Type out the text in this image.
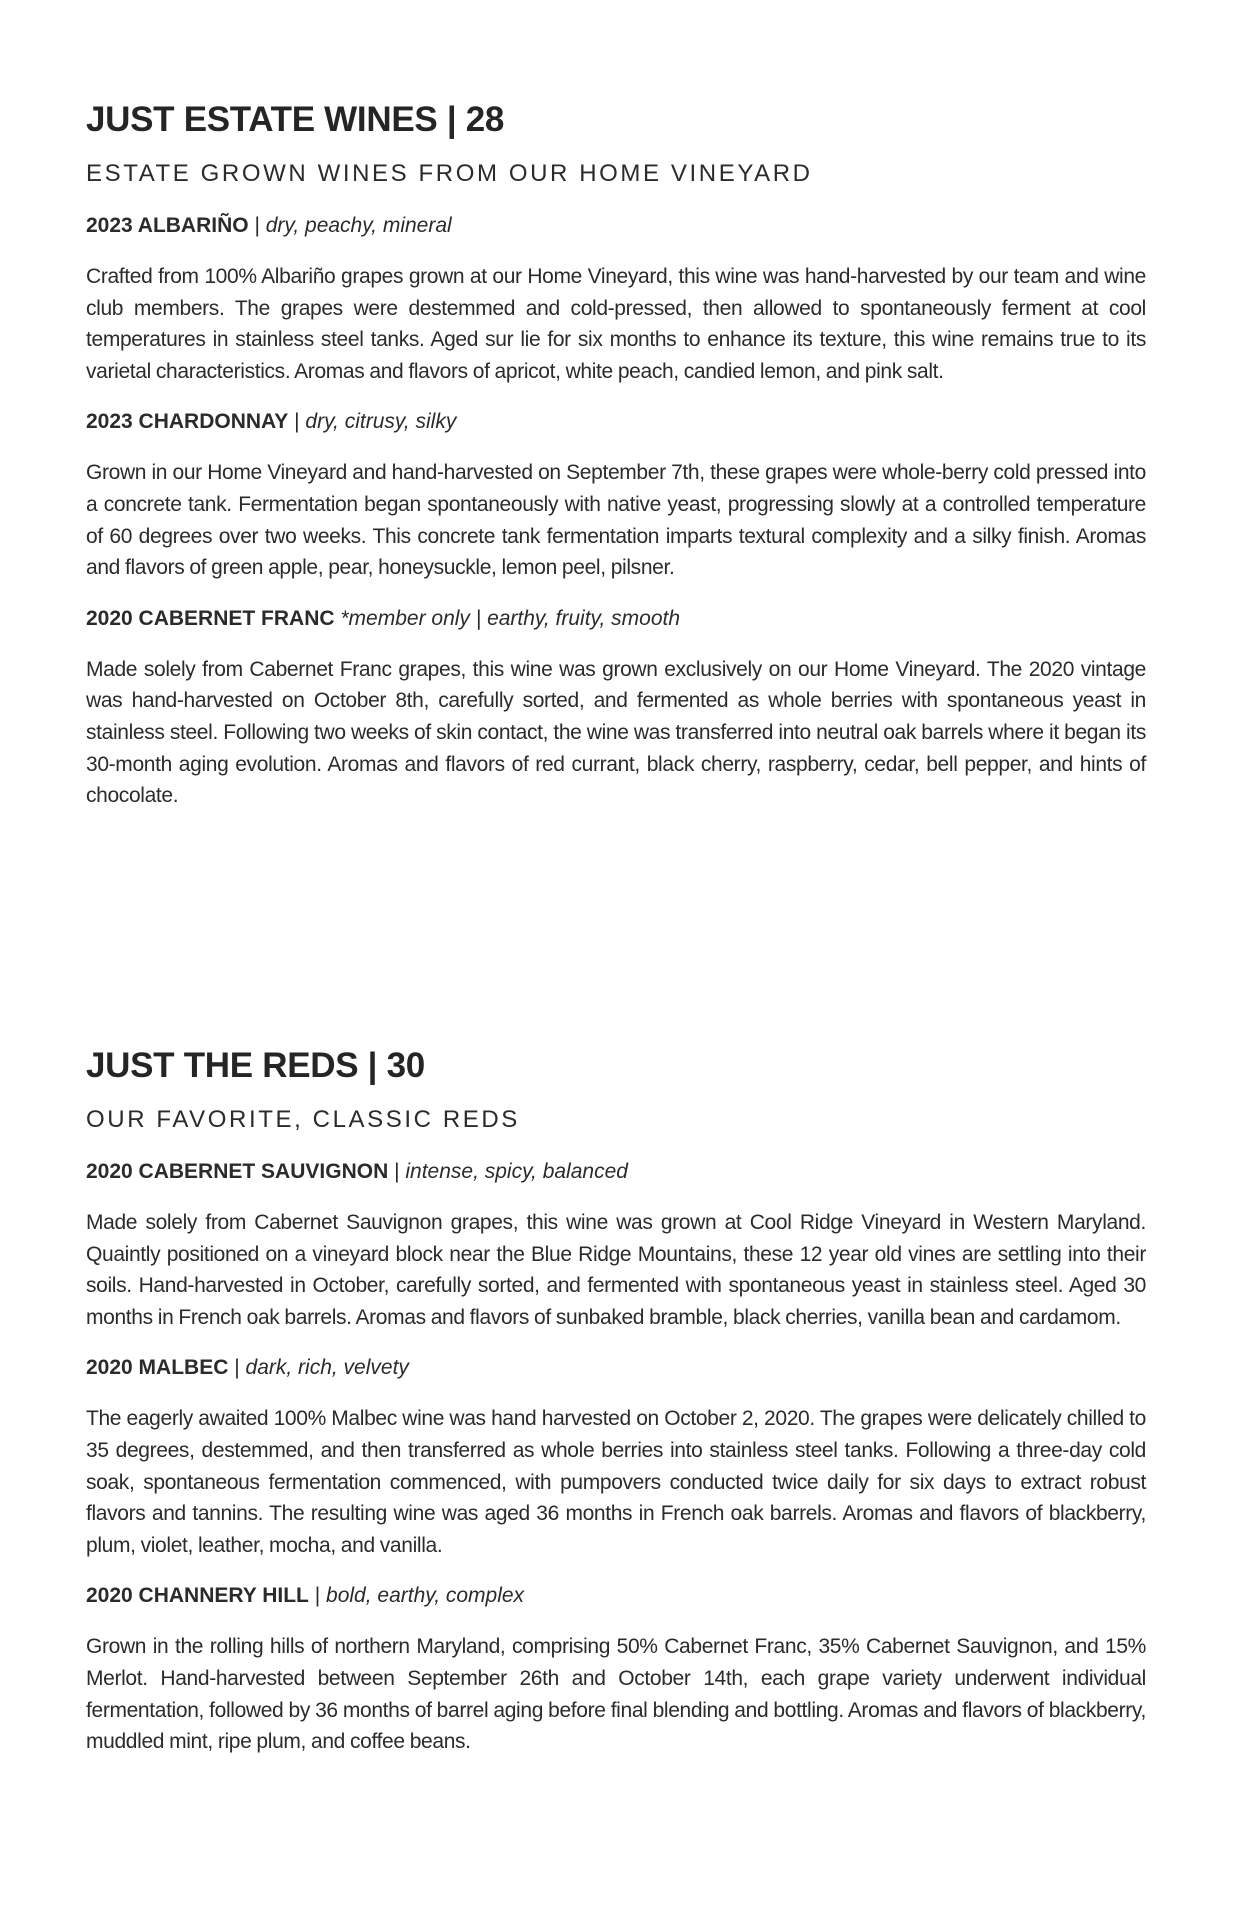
JUST ESTATE WINES | 28
ESTATE GROWN WINES FROM OUR HOME VINEYARD

2023 ALBARIÑO | dry, peachy, mineral

Crafted from 100% Albariño grapes grown at our Home Vineyard, this wine was hand-harvested by our team and wine club members. The grapes were destemmed and cold-pressed, then allowed to spontaneously ferment at cool temperatures in stainless steel tanks. Aged sur lie for six months to enhance its texture, this wine remains true to its varietal characteristics. Aromas and flavors of apricot, white peach, candied lemon, and pink salt.

2023 CHARDONNAY | dry, citrusy, silky

Grown in our Home Vineyard and hand-harvested on September 7th, these grapes were whole-berry cold pressed into a concrete tank. Fermentation began spontaneously with native yeast, progressing slowly at a controlled temperature of 60 degrees over two weeks. This concrete tank fermentation imparts textural complexity and a silky finish. Aromas and flavors of green apple, pear, honeysuckle, lemon peel, pilsner.

2020 CABERNET FRANC *member only | earthy, fruity, smooth

Made solely from Cabernet Franc grapes, this wine was grown exclusively on our Home Vineyard. The 2020 vintage was hand-harvested on October 8th, carefully sorted, and fermented as whole berries with spontaneous yeast in stainless steel. Following two weeks of skin contact, the wine was transferred into neutral oak barrels where it began its 30-month aging evolution. Aromas and flavors of red currant, black cherry, raspberry, cedar, bell pepper, and hints of chocolate.

JUST THE REDS | 30
OUR FAVORITE, CLASSIC REDS

2020 CABERNET SAUVIGNON | intense, spicy, balanced

Made solely from Cabernet Sauvignon grapes, this wine was grown at Cool Ridge Vineyard in Western Maryland. Quaintly positioned on a vineyard block near the Blue Ridge Mountains, these 12 year old vines are settling into their soils. Hand-harvested in October, carefully sorted, and fermented with spontaneous yeast in stainless steel. Aged 30 months in French oak barrels. Aromas and flavors of sunbaked bramble, black cherries, vanilla bean and cardamom.

2020 MALBEC | dark, rich, velvety

The eagerly awaited 100% Malbec wine was hand harvested on October 2, 2020. The grapes were delicately chilled to 35 degrees, destemmed, and then transferred as whole berries into stainless steel tanks. Following a three-day cold soak, spontaneous fermentation commenced, with pumpovers conducted twice daily for six days to extract robust flavors and tannins. The resulting wine was aged 36 months in French oak barrels. Aromas and flavors of blackberry, plum, violet, leather, mocha, and vanilla.

2020 CHANNERY HILL | bold, earthy, complex

Grown in the rolling hills of northern Maryland, comprising 50% Cabernet Franc, 35% Cabernet Sauvignon, and 15% Merlot. Hand-harvested between September 26th and October 14th, each grape variety underwent individual fermentation, followed by 36 months of barrel aging before final blending and bottling. Aromas and flavors of blackberry, muddled mint, ripe plum, and coffee beans.
